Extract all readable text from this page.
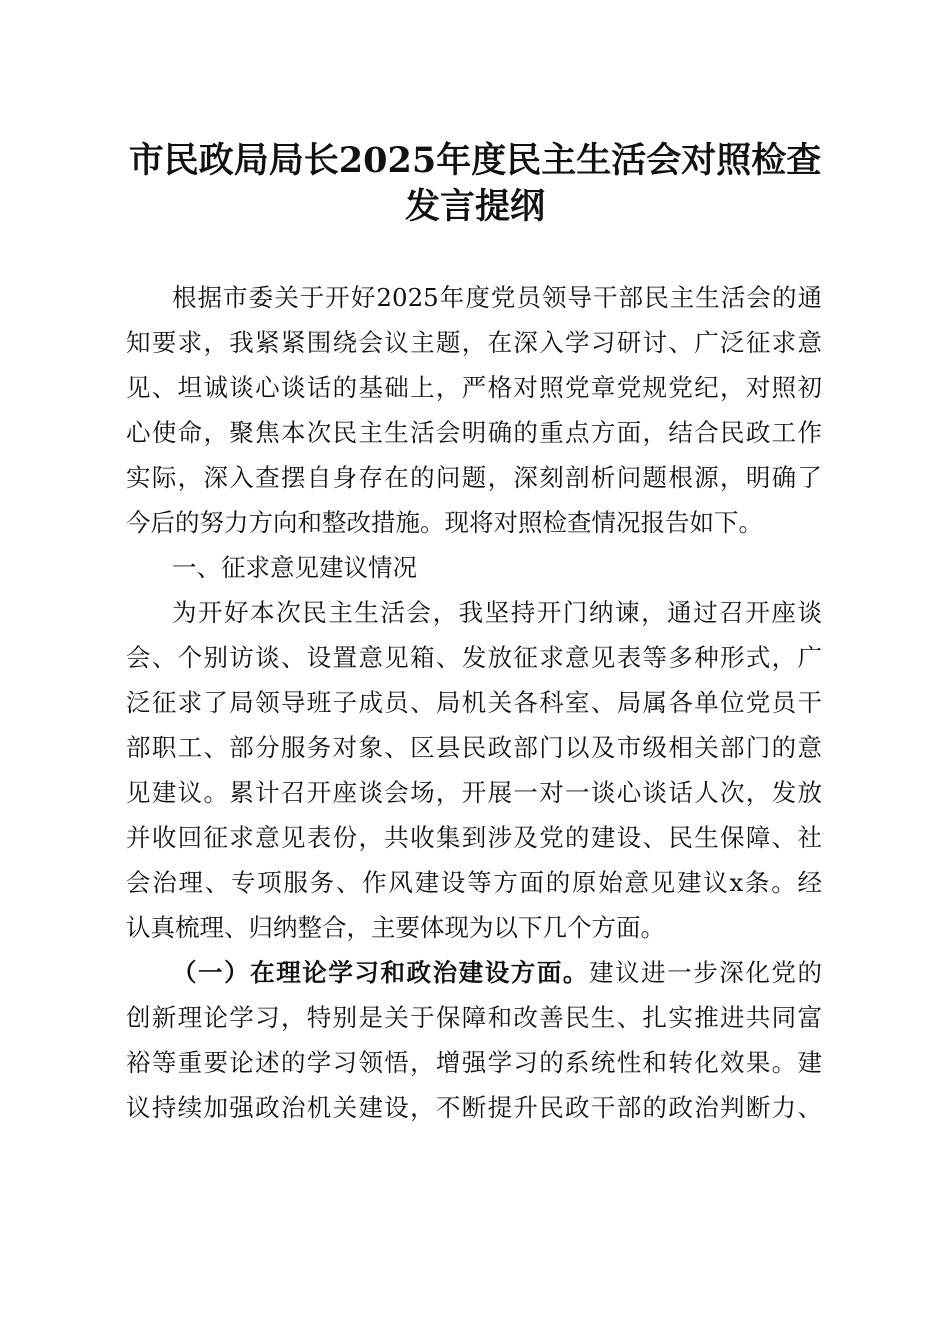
市民政局局长2025年度民主生活会对照检查
发言提纲

根据市委关于开好2025年度党员领导干部民主生活会的通

知要求，我紧紧围绕会议主题，在深入学习研讨、广泛征求意

见、坦诚谈心谈话的基础上，严格对照党章党规党纪，对照初

心使命，聚焦本次民主生活会明确的重点方面，结合民政工作

实际，深入查摆自身存在的问题，深刻剖析问题根源，明确了

今后的努力方向和整改措施。现将对照检查情况报告如下。

一、征求意见建议情况

为开好本次民主生活会，我坚持开门纳谏，通过召开座谈

会、个别访谈、设置意见箱、发放征求意见表等多种形式，广

泛征求了局领导班子成员、局机关各科室、局属各单位党员干

部职工、部分服务对象、区县民政部门以及市级相关部门的意

见建议。累计召开座谈会场，开展一对一谈心谈话人次，发放

并收回征求意见表份，共收集到涉及党的建设、民生保障、社

会治理、专项服务、作风建设等方面的原始意见建议x条。经

认真梳理、归纳整合，主要体现为以下几个方面。

（一）在理论学习和政治建设方面。建议进一步深化党的

创新理论学习，特别是关于保障和改善民生、扎实推进共同富

裕等重要论述的学习领悟，增强学习的系统性和转化效果。建

议持续加强政治机关建设，不断提升民政干部的政治判断力、
